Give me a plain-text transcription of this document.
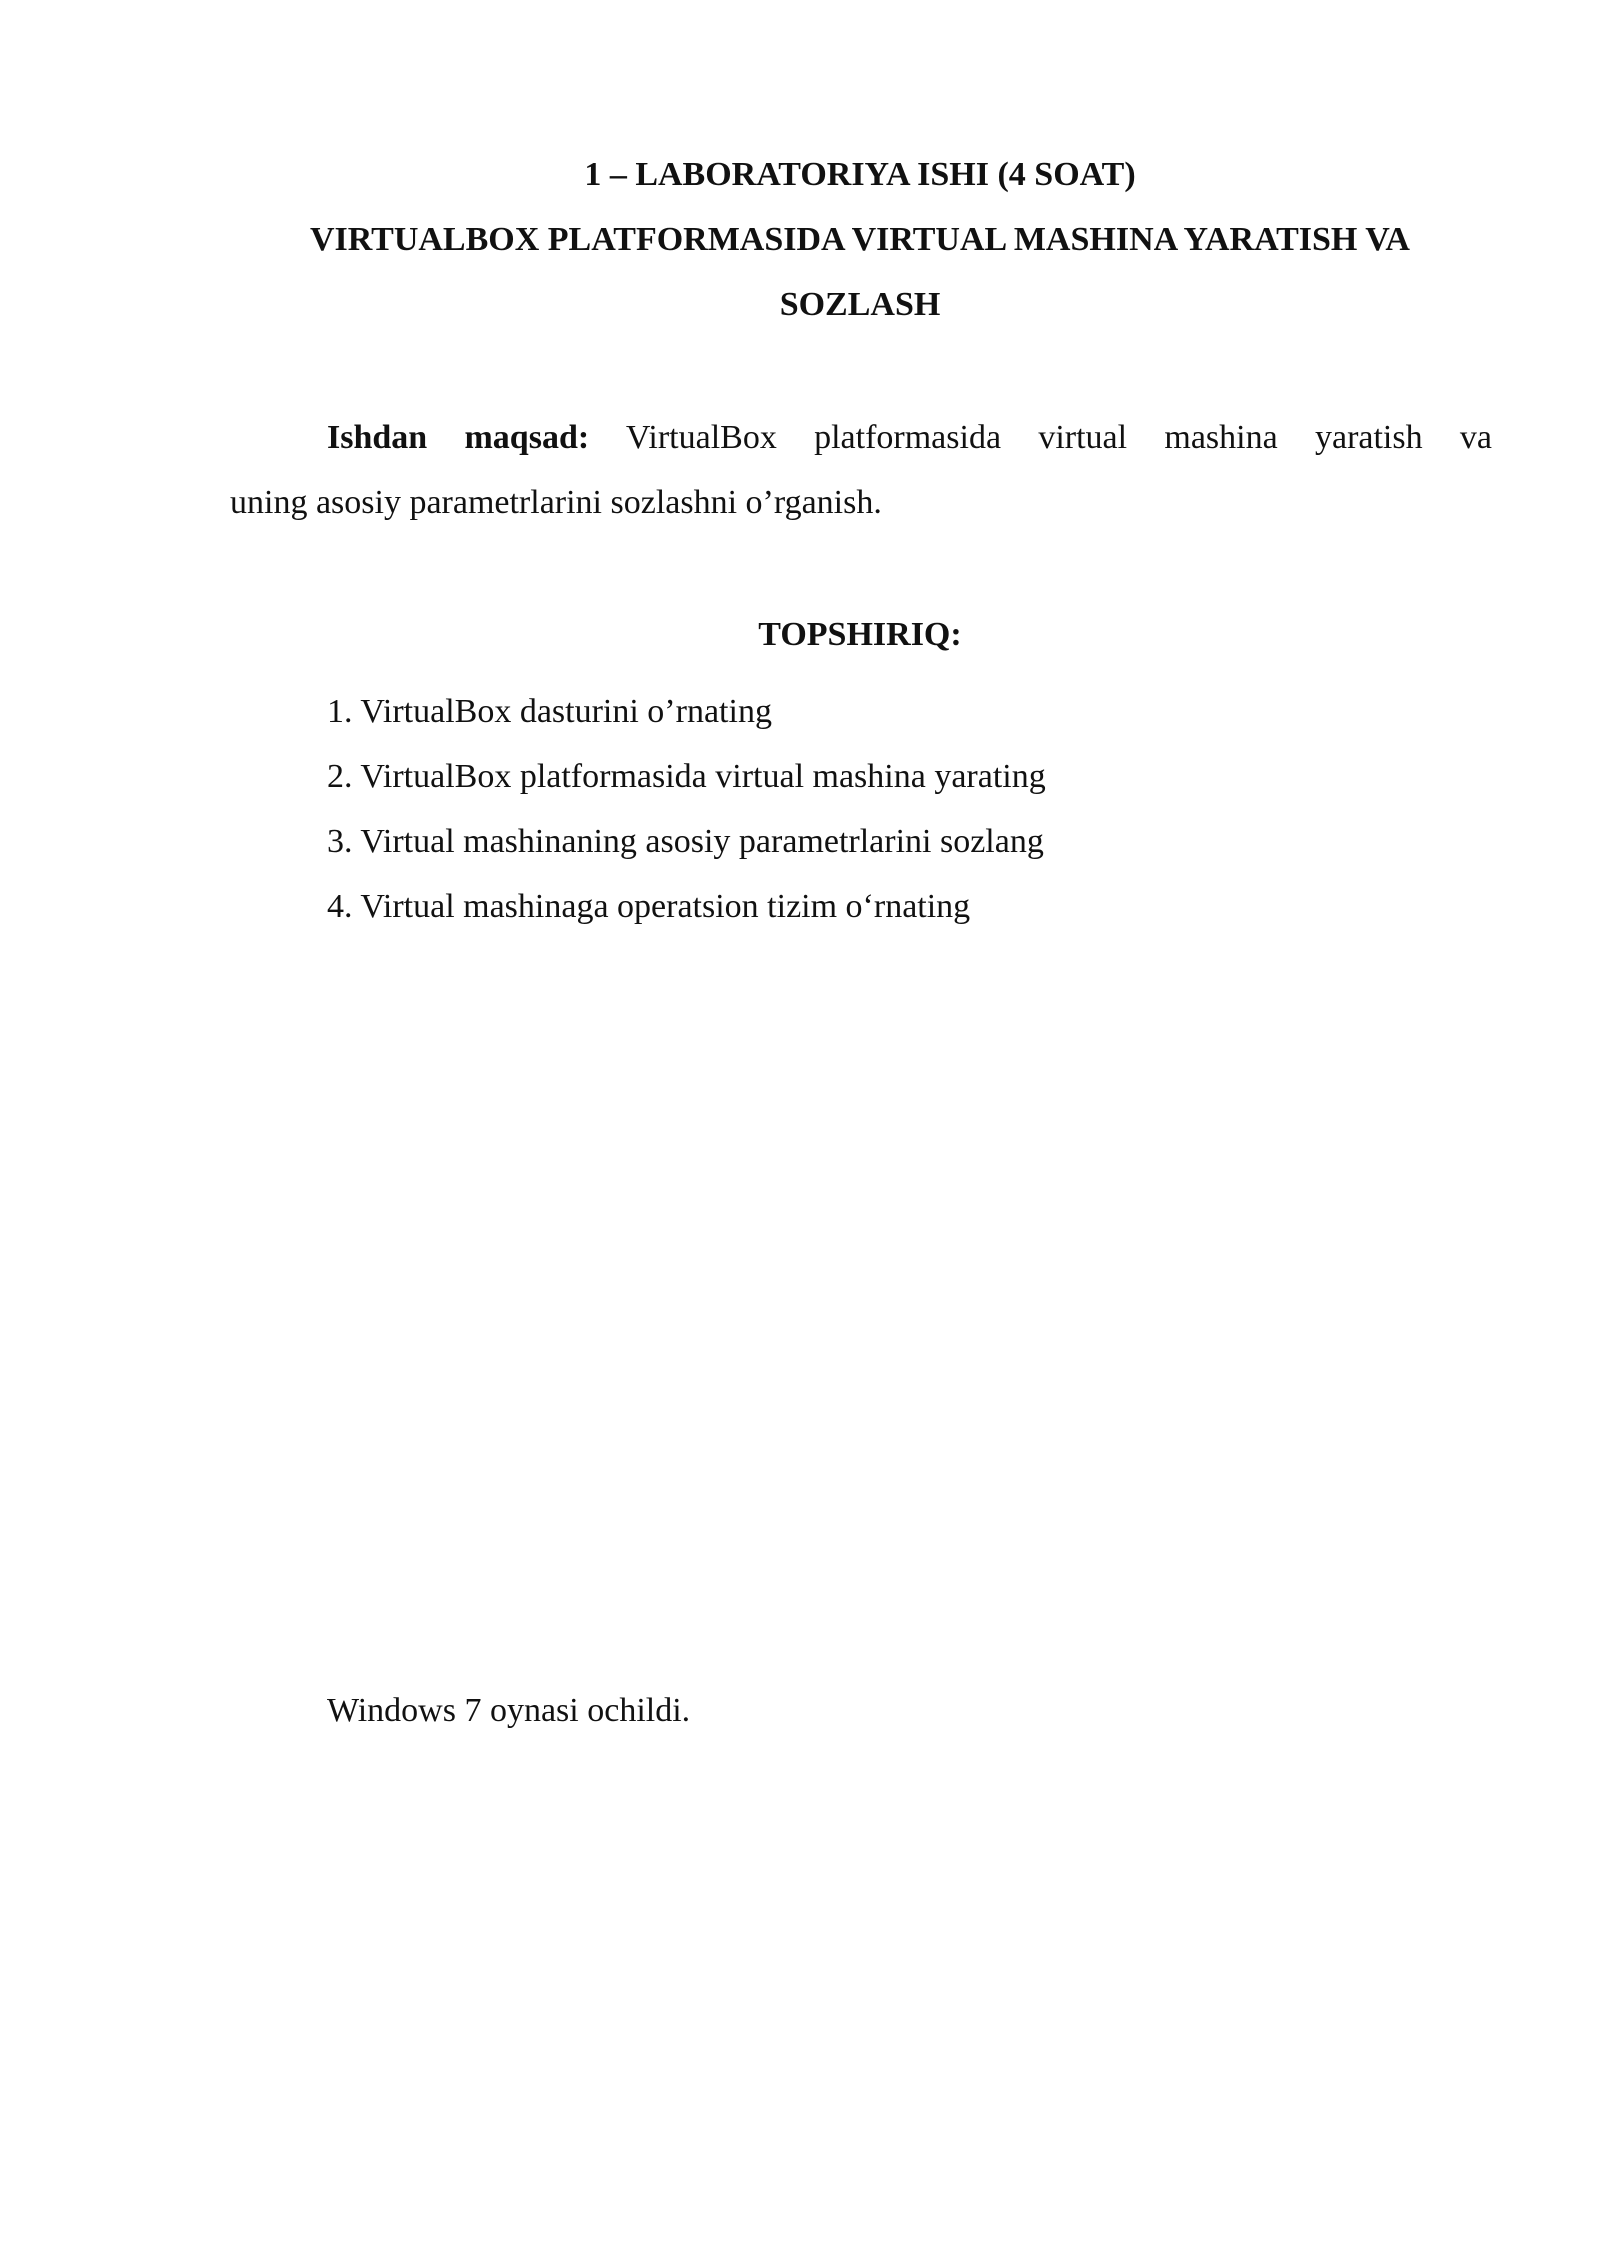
1 – LABORATORIYA ISHI (4 SOAT)
VIRTUALBOX PLATFORMASIDA VIRTUAL MASHINA YARATISH VA
SOZLASH
Ishdan maqsad: VirtualBox platformasida virtual mashina yaratish va
uning asosiy parametrlarini sozlashni o’rganish.
TOPSHIRIQ:
1. VirtualBox dasturini o’rnating
2. VirtualBox platformasida virtual mashina yarating
3. Virtual mashinaning asosiy parametrlarini sozlang
4. Virtual mashinaga operatsion tizim o‘rnating
Windows 7 oynasi ochildi.
